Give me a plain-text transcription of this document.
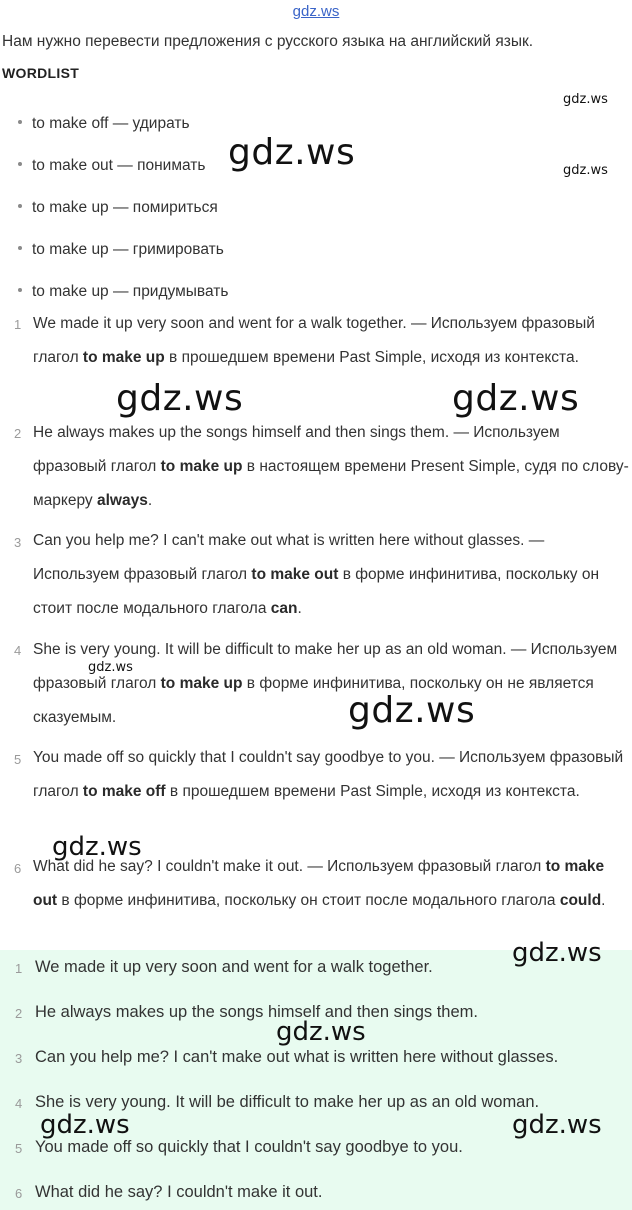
gdz.ws
Нам нужно перевести предложения с русского языка на английский язык.
WORDLIST
to make off — удирать
to make out — понимать
to make up — помириться
to make up — гримировать
to make up — придумывать
1 We made it up very soon and went for a walk together. — Используем фразовый глагол to make up в прошедшем времени Past Simple, исходя из контекста.
2 He always makes up the songs himself and then sings them. — Используем фразовый глагол to make up в настоящем времени Present Simple, судя по слову-маркеру always.
3 Can you help me? I can't make out what is written here without glasses. — Используем фразовый глагол to make out в форме инфинитива, поскольку он стоит после модального глагола can.
4 She is very young. It will be difficult to make her up as an old woman. — Используем фразовый глагол to make up в форме инфинитива, поскольку он не является сказуемым.
5 You made off so quickly that I couldn't say goodbye to you. — Используем фразовый глагол to make off в прошедшем времени Past Simple, исходя из контекста.
6 What did he say? I couldn't make it out. — Используем фразовый глагол to make out в форме инфинитива, поскольку он стоит после модального глагола could.
1 We made it up very soon and went for a walk together.
2 He always makes up the songs himself and then sings them.
3 Can you help me? I can't make out what is written here without glasses.
4 She is very young. It will be difficult to make her up as an old woman.
5 You made off so quickly that I couldn't say goodbye to you.
6 What did he say? I couldn't make it out.
gdz.ws
gdz.ws
gdz.ws
gdz.ws	gdz.ws
gdz.ws
gdz.ws
gdz.ws
gdz.ws
gdz.ws
gdz.ws	gdz.ws
